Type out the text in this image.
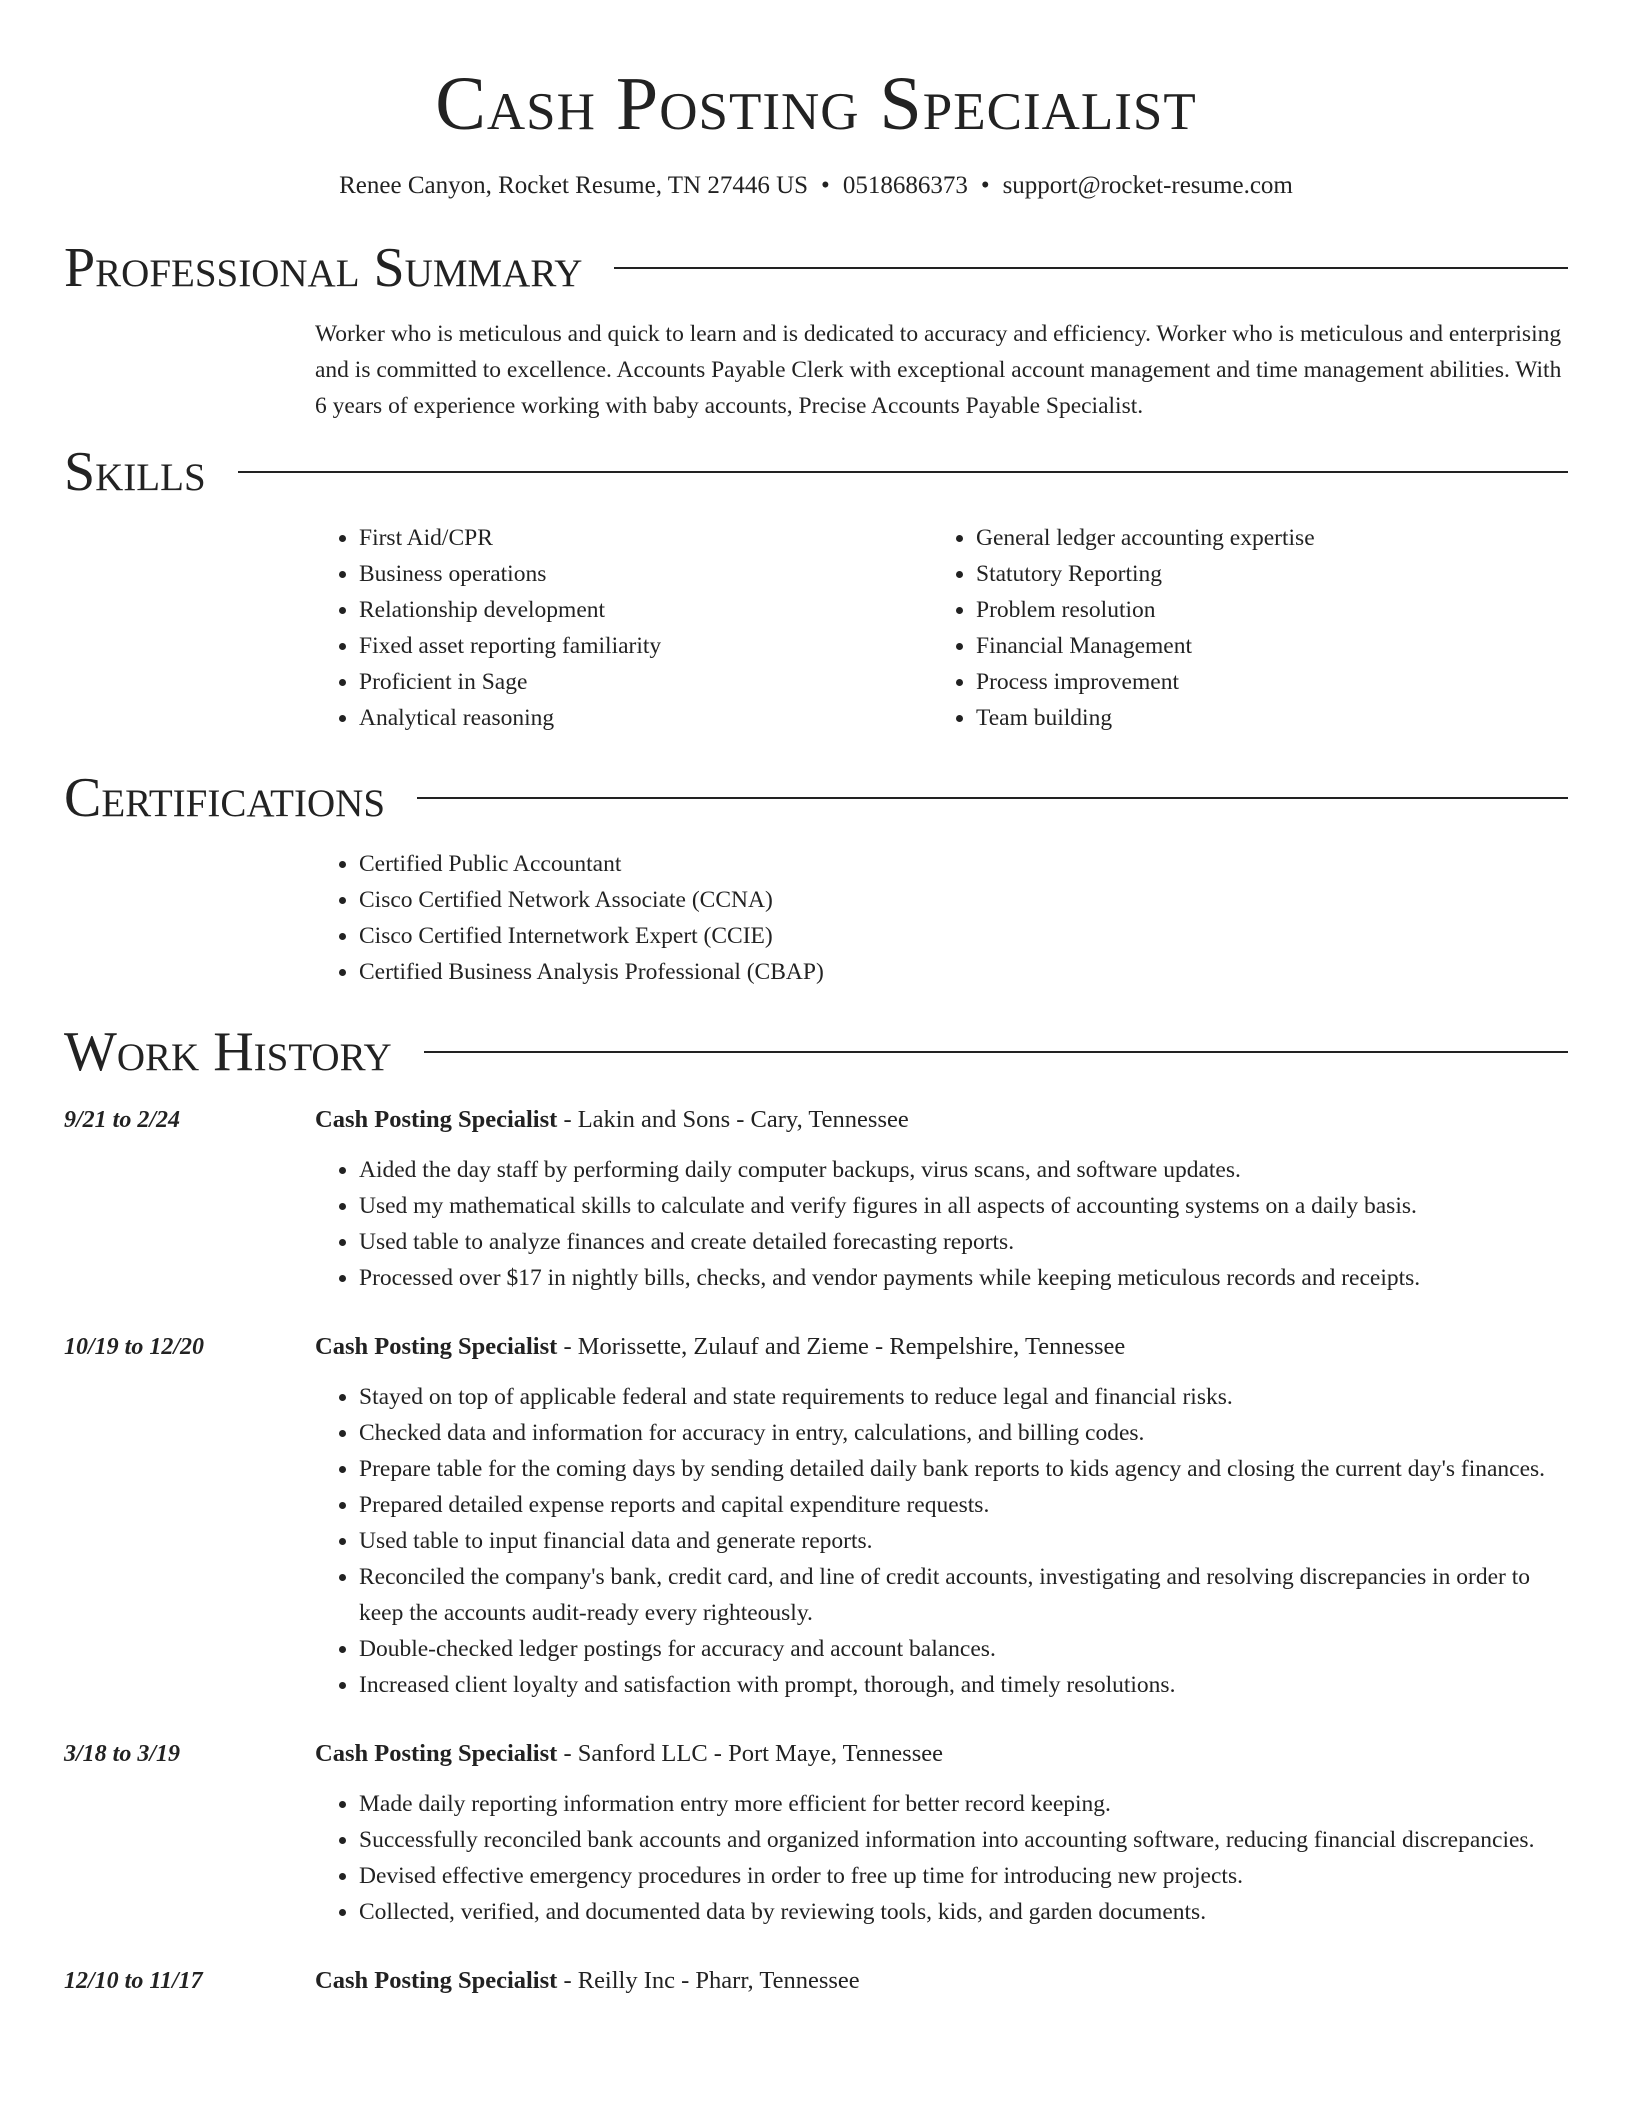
Cash Posting Specialist
Renee Canyon, Rocket Resume, TN 27446 US • 0518686373 • support@rocket-resume.com
Professional Summary

Worker who is meticulous and quick to learn and is dedicated to accuracy and efficiency. Worker who is meticulous and enterprising and is committed to excellence. Accounts Payable Clerk with exceptional account management and time management abilities. With 6 years of experience working with baby accounts, Precise Accounts Payable Specialist.

Skills
• First Aid/CPR
• Business operations
• Relationship development
• Fixed asset reporting familiarity
• Proficient in Sage
• Analytical reasoning
• General ledger accounting expertise
• Statutory Reporting
• Problem resolution
• Financial Management
• Process improvement
• Team building
Certifications
• Certified Public Accountant
• Cisco Certified Network Associate (CCNA)
• Cisco Certified Internetwork Expert (CCIE)
• Certified Business Analysis Professional (CBAP)
Work History
9/21 to 2/24	Cash Posting Specialist - Lakin and Sons - Cary, Tennessee
• Aided the day staff by performing daily computer backups, virus scans, and software updates.
• Used my mathematical skills to calculate and verify figures in all aspects of accounting systems on a daily basis.
• Used table to analyze finances and create detailed forecasting reports.
• Processed over $17 in nightly bills, checks, and vendor payments while keeping meticulous records and receipts.
10/19 to 12/20	Cash Posting Specialist - Morissette, Zulauf and Zieme - Rempelshire, Tennessee
• Stayed on top of applicable federal and state requirements to reduce legal and financial risks.
• Checked data and information for accuracy in entry, calculations, and billing codes.
• Prepare table for the coming days by sending detailed daily bank reports to kids agency and closing the current day's finances.
• Prepared detailed expense reports and capital expenditure requests.
• Used table to input financial data and generate reports.
• Reconciled the company's bank, credit card, and line of credit accounts, investigating and resolving discrepancies in order to keep the accounts audit-ready every righteously.
• Double-checked ledger postings for accuracy and account balances.
• Increased client loyalty and satisfaction with prompt, thorough, and timely resolutions.
3/18 to 3/19	Cash Posting Specialist - Sanford LLC - Port Maye, Tennessee
• Made daily reporting information entry more efficient for better record keeping.
• Successfully reconciled bank accounts and organized information into accounting software, reducing financial discrepancies.
• Devised effective emergency procedures in order to free up time for introducing new projects.
• Collected, verified, and documented data by reviewing tools, kids, and garden documents.
12/10 to 11/17	Cash Posting Specialist - Reilly Inc - Pharr, Tennessee
